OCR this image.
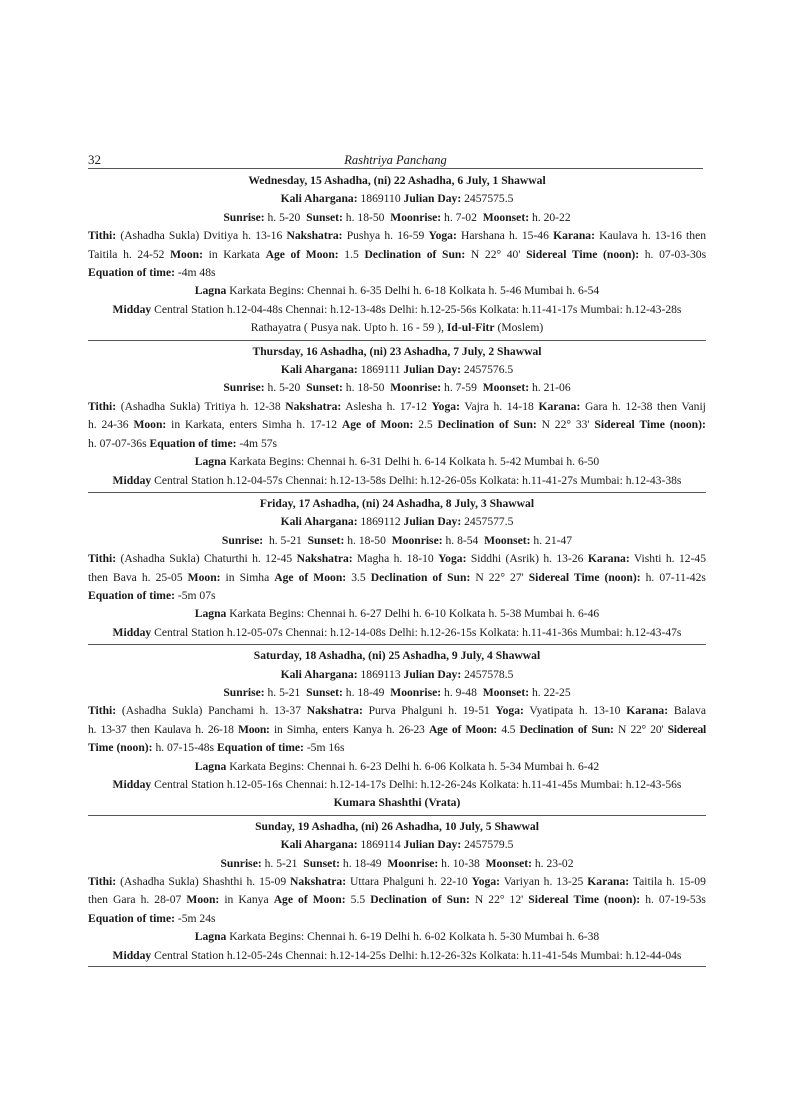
32	Rashtriya Panchang

Wednesday, 15 Ashadha, (ni) 22 Ashadha, 6 July, 1 Shawwal

Kali Ahargana: 1869110 Julian Day: 2457575.5

Sunrise: h. 5-20 Sunset: h. 18-50 Moonrise: h. 7-02 Moonset: h. 20-22

Tithi: (Ashadha Sukla) Dvitiya h. 13-16 Nakshatra: Pushya h. 16-59 Yoga: Harshana h. 15-46 Karana: Kaulava h. 13-16 then

Taitila h. 24-52 Moon: in Karkata Age of Moon: 1.5 Declination of Sun: N 22° 40' Sidereal Time (noon): h. 07-03-30s

Equation of time: -4m 48s

Lagna Karkata Begins: Chennai h. 6-35 Delhi h. 6-18 Kolkata h. 5-46 Mumbai h. 6-54

Midday Central Station h.12-04-48s Chennai: h.12-13-48s Delhi: h.12-25-56s Kolkata: h.11-41-17s Mumbai: h.12-43-28s

Rathayatra ( Pusya nak. Upto h. 16 - 59 ), Id-ul-Fitr (Moslem)

Thursday, 16 Ashadha, (ni) 23 Ashadha, 7 July, 2 Shawwal

Kali Ahargana: 1869111 Julian Day: 2457576.5

Sunrise: h. 5-20 Sunset: h. 18-50 Moonrise: h. 7-59 Moonset: h. 21-06

Tithi: (Ashadha Sukla) Tritiya h. 12-38 Nakshatra: Aslesha h. 17-12 Yoga: Vajra h. 14-18 Karana: Gara h. 12-38 then Vanij

h. 24-36 Moon: in Karkata, enters Simha h. 17-12 Age of Moon: 2.5 Declination of Sun: N 22° 33' Sidereal Time (noon):

h. 07-07-36s Equation of time: -4m 57s

Lagna Karkata Begins: Chennai h. 6-31 Delhi h. 6-14 Kolkata h. 5-42 Mumbai h. 6-50

Midday Central Station h.12-04-57s Chennai: h.12-13-58s Delhi: h.12-26-05s Kolkata: h.11-41-27s Mumbai: h.12-43-38s

Friday, 17 Ashadha, (ni) 24 Ashadha, 8 July, 3 Shawwal

Kali Ahargana: 1869112 Julian Day: 2457577.5

Sunrise: h. 5-21 Sunset: h. 18-50 Moonrise: h. 8-54 Moonset: h. 21-47

Tithi: (Ashadha Sukla) Chaturthi h. 12-45 Nakshatra: Magha h. 18-10 Yoga: Siddhi (Asrik) h. 13-26 Karana: Vishti h. 12-45

then Bava h. 25-05 Moon: in Simha Age of Moon: 3.5 Declination of Sun: N 22° 27' Sidereal Time (noon): h. 07-11-42s

Equation of time: -5m 07s

Lagna Karkata Begins: Chennai h. 6-27 Delhi h. 6-10 Kolkata h. 5-38 Mumbai h. 6-46

Midday Central Station h.12-05-07s Chennai: h.12-14-08s Delhi: h.12-26-15s Kolkata: h.11-41-36s Mumbai: h.12-43-47s

Saturday, 18 Ashadha, (ni) 25 Ashadha, 9 July, 4 Shawwal

Kali Ahargana: 1869113 Julian Day: 2457578.5

Sunrise: h. 5-21 Sunset: h. 18-49 Moonrise: h. 9-48 Moonset: h. 22-25

Tithi: (Ashadha Sukla) Panchami h. 13-37 Nakshatra: Purva Phalguni h. 19-51 Yoga: Vyatipata h. 13-10 Karana: Balava

h. 13-37 then Kaulava h. 26-18 Moon: in Simha, enters Kanya h. 26-23 Age of Moon: 4.5 Declination of Sun: N 22° 20' Sidereal

Time (noon): h. 07-15-48s Equation of time: -5m 16s

Lagna Karkata Begins: Chennai h. 6-23 Delhi h. 6-06 Kolkata h. 5-34 Mumbai h. 6-42

Midday Central Station h.12-05-16s Chennai: h.12-14-17s Delhi: h.12-26-24s Kolkata: h.11-41-45s Mumbai: h.12-43-56s

Kumara Shashthi (Vrata)

Sunday, 19 Ashadha, (ni) 26 Ashadha, 10 July, 5 Shawwal

Kali Ahargana: 1869114 Julian Day: 2457579.5

Sunrise: h. 5-21 Sunset: h. 18-49 Moonrise: h. 10-38 Moonset: h. 23-02

Tithi: (Ashadha Sukla) Shashthi h. 15-09 Nakshatra: Uttara Phalguni h. 22-10 Yoga: Variyan h. 13-25 Karana: Taitila h. 15-09

then Gara h. 28-07 Moon: in Kanya Age of Moon: 5.5 Declination of Sun: N 22° 12' Sidereal Time (noon): h. 07-19-53s

Equation of time: -5m 24s

Lagna Karkata Begins: Chennai h. 6-19 Delhi h. 6-02 Kolkata h. 5-30 Mumbai h. 6-38

Midday Central Station h.12-05-24s Chennai: h.12-14-25s Delhi: h.12-26-32s Kolkata: h.11-41-54s Mumbai: h.12-44-04s
